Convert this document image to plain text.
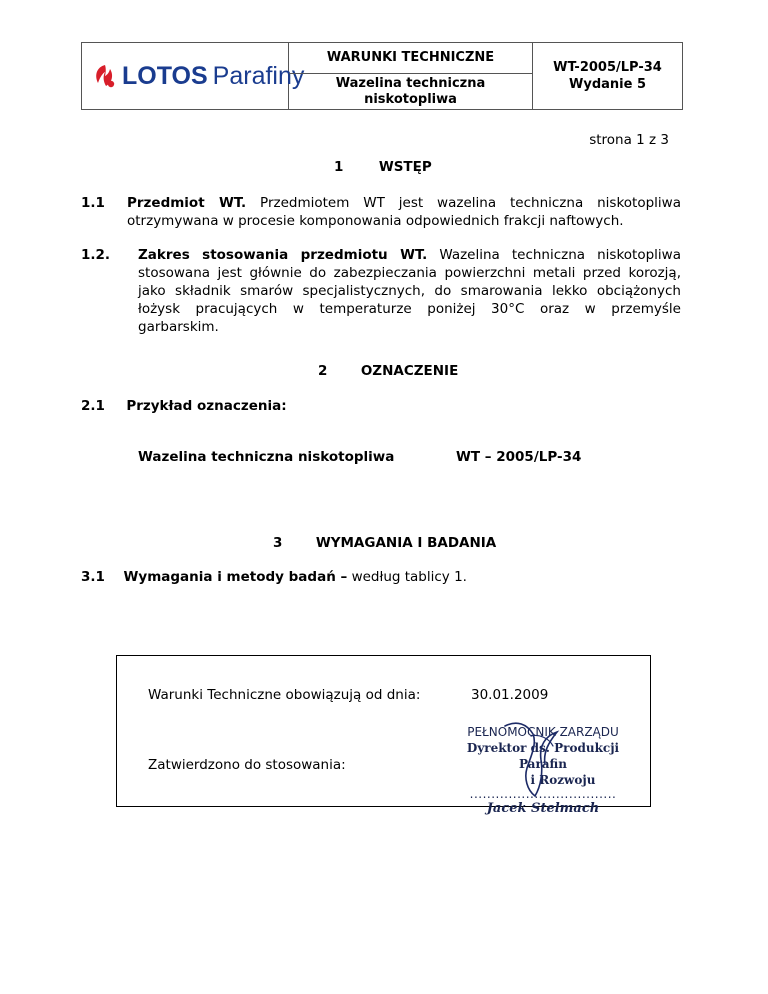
LOTOS Parafiny
WARUNKI TECHNICZNE
Wazelina techniczna
niskotopliwa
WT-2005/LP-34
Wydanie 5
strona 1 z 3
1	WSTĘP
1.1 Przedmiot WT. Przedmiotem WT jest wazelina techniczna niskotopliwa
otrzymywana w procesie komponowania odpowiednich frakcji naftowych.
1.2. Zakres stosowania przedmiotu WT. Wazelina techniczna niskotopliwa
stosowana jest głównie do zabezpieczania powierzchni metali przed korozją,
jako składnik smarów specjalistycznych, do smarowania lekko obciążonych
łożysk pracujących w temperaturze poniżej 30°C oraz w przemyśle
garbarskim.
2 OZNACZENIE
2.1 Przykład oznaczenia:
Wazelina techniczna niskotopliwa	WT – 2005/LP-34
3 WYMAGANIA I BADANIA
3.1 Wymagania i metody badań – według tablicy 1.
Warunki Techniczne obowiązują od dnia:	30.01.2009
Zatwierdzono do stosowania:
PEŁNOMOCNIK ZARZĄDU
Dyrektor ds. Produkcji Parafin
i Rozwoju
..................................
Jacek Stelmach
